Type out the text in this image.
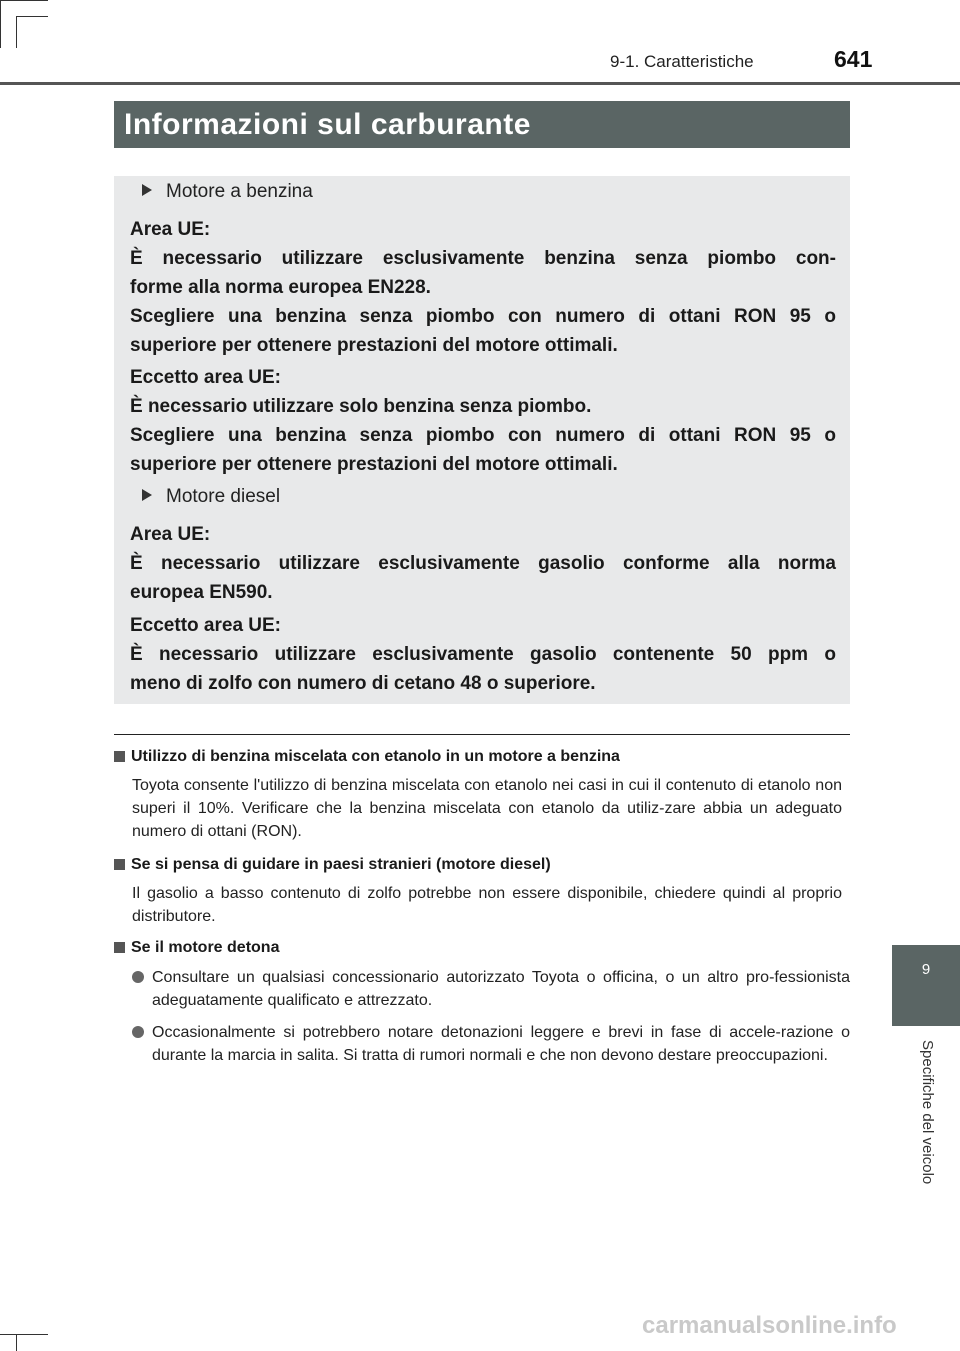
9-1. Caratteristiche	641
Informazioni sul carburante
Motore a benzina
Area UE:
È necessario utilizzare esclusivamente benzina senza piombo con-
forme alla norma europea EN228.
Scegliere una benzina senza piombo con numero di ottani RON 95 o
superiore per ottenere prestazioni del motore ottimali.
Eccetto area UE:
È necessario utilizzare solo benzina senza piombo.
Scegliere una benzina senza piombo con numero di ottani RON 95 o
superiore per ottenere prestazioni del motore ottimali.
Motore diesel
Area UE:
È necessario utilizzare esclusivamente gasolio conforme alla norma
europea EN590.
Eccetto area UE:
È necessario utilizzare esclusivamente gasolio contenente 50 ppm o
meno di zolfo con numero di cetano 48 o superiore.
Utilizzo di benzina miscelata con etanolo in un motore a benzina
Toyota consente l'utilizzo di benzina miscelata con etanolo nei casi in cui il contenuto di etanolo non superi il 10%. Verificare che la benzina miscelata con etanolo da utiliz-zare abbia un adeguato numero di ottani (RON).
Se si pensa di guidare in paesi stranieri (motore diesel)
Il gasolio a basso contenuto di zolfo potrebbe non essere disponibile, chiedere quindi al proprio distributore.
Se il motore detona
Consultare un qualsiasi concessionario autorizzato Toyota o officina, o un altro pro-fessionista adeguatamente qualificato e attrezzato.
Occasionalmente si potrebbero notare detonazioni leggere e brevi in fase di accele-razione o durante la marcia in salita. Si tratta di rumori normali e che non devono destare preoccupazioni.
9
Specifiche del veicolo
carmanualsonline.info
